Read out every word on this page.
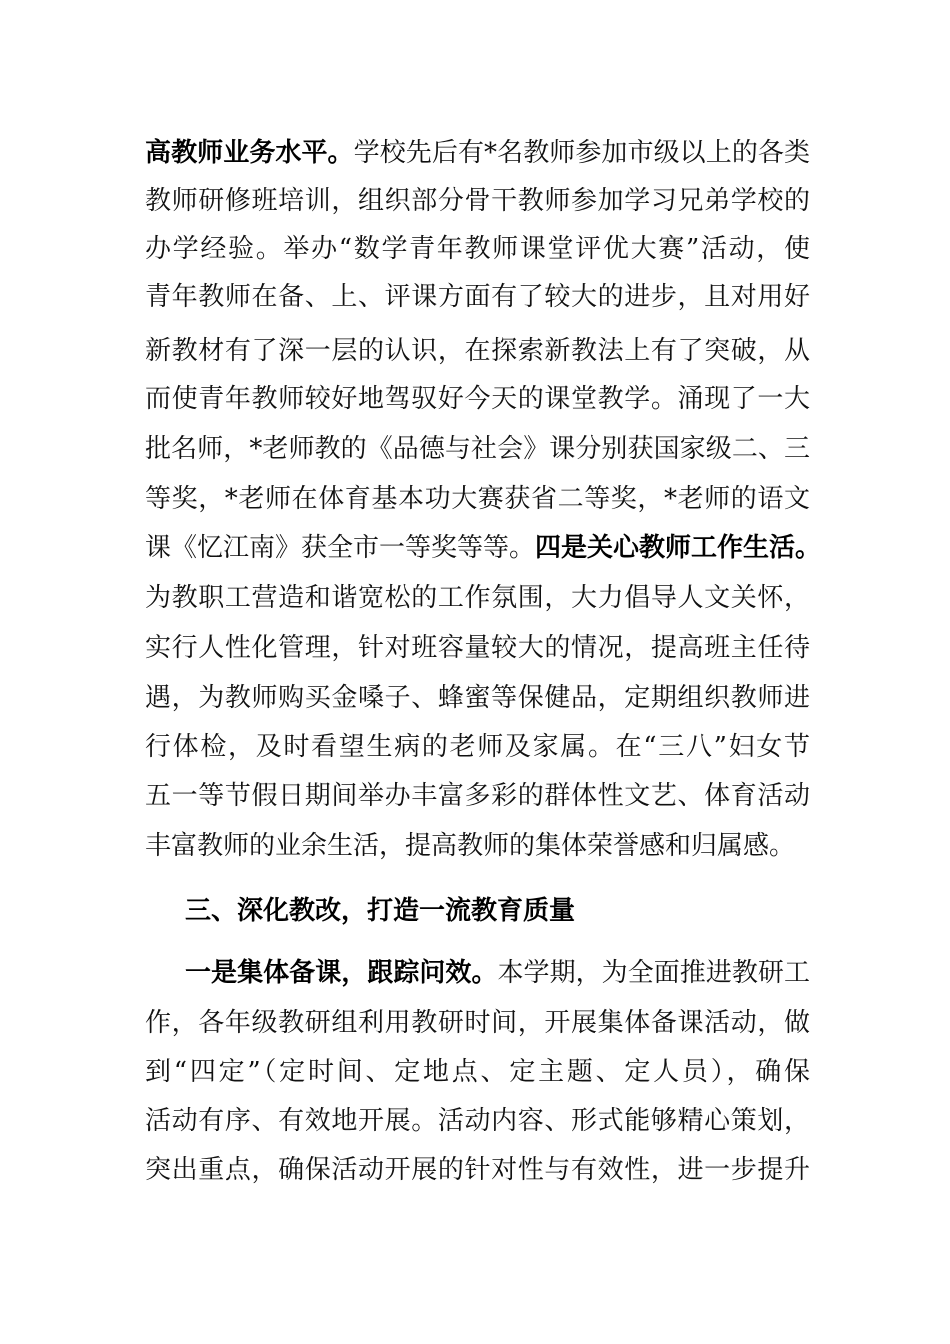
高教师业务水平。学校先后有*名教师参加市级以上的各类
教师研修班培训，组织部分骨干教师参加学习兄弟学校的
办学经验。举办“数学青年教师课堂评优大赛”活动，使
青年教师在备、上、评课方面有了较大的进步，且对用好
新教材有了深一层的认识，在探索新教法上有了突破，从
而使青年教师较好地驾驭好今天的课堂教学。涌现了一大
批名师，*老师教的《品德与社会》课分别获国家级二、三
等奖，*老师在体育基本功大赛获省二等奖，*老师的语文
课《忆江南》获全市一等奖等等。四是关心教师工作生活。
为教职工营造和谐宽松的工作氛围，大力倡导人文关怀，
实行人性化管理，针对班容量较大的情况，提高班主任待
遇，为教师购买金嗓子、蜂蜜等保健品，定期组织教师进
行体检，及时看望生病的老师及家属。在“三八”妇女节
五一等节假日期间举办丰富多彩的群体性文艺、体育活动
丰富教师的业余生活，提高教师的集体荣誉感和归属感。
三、深化教改，打造一流教育质量
一是集体备课，跟踪问效。本学期，为全面推进教研工
作，各年级教研组利用教研时间，开展集体备课活动，做
到“四定”（定时间、定地点、定主题、定人员），确保
活动有序、有效地开展。活动内容、形式能够精心策划，
突出重点，确保活动开展的针对性与有效性，进一步提升
